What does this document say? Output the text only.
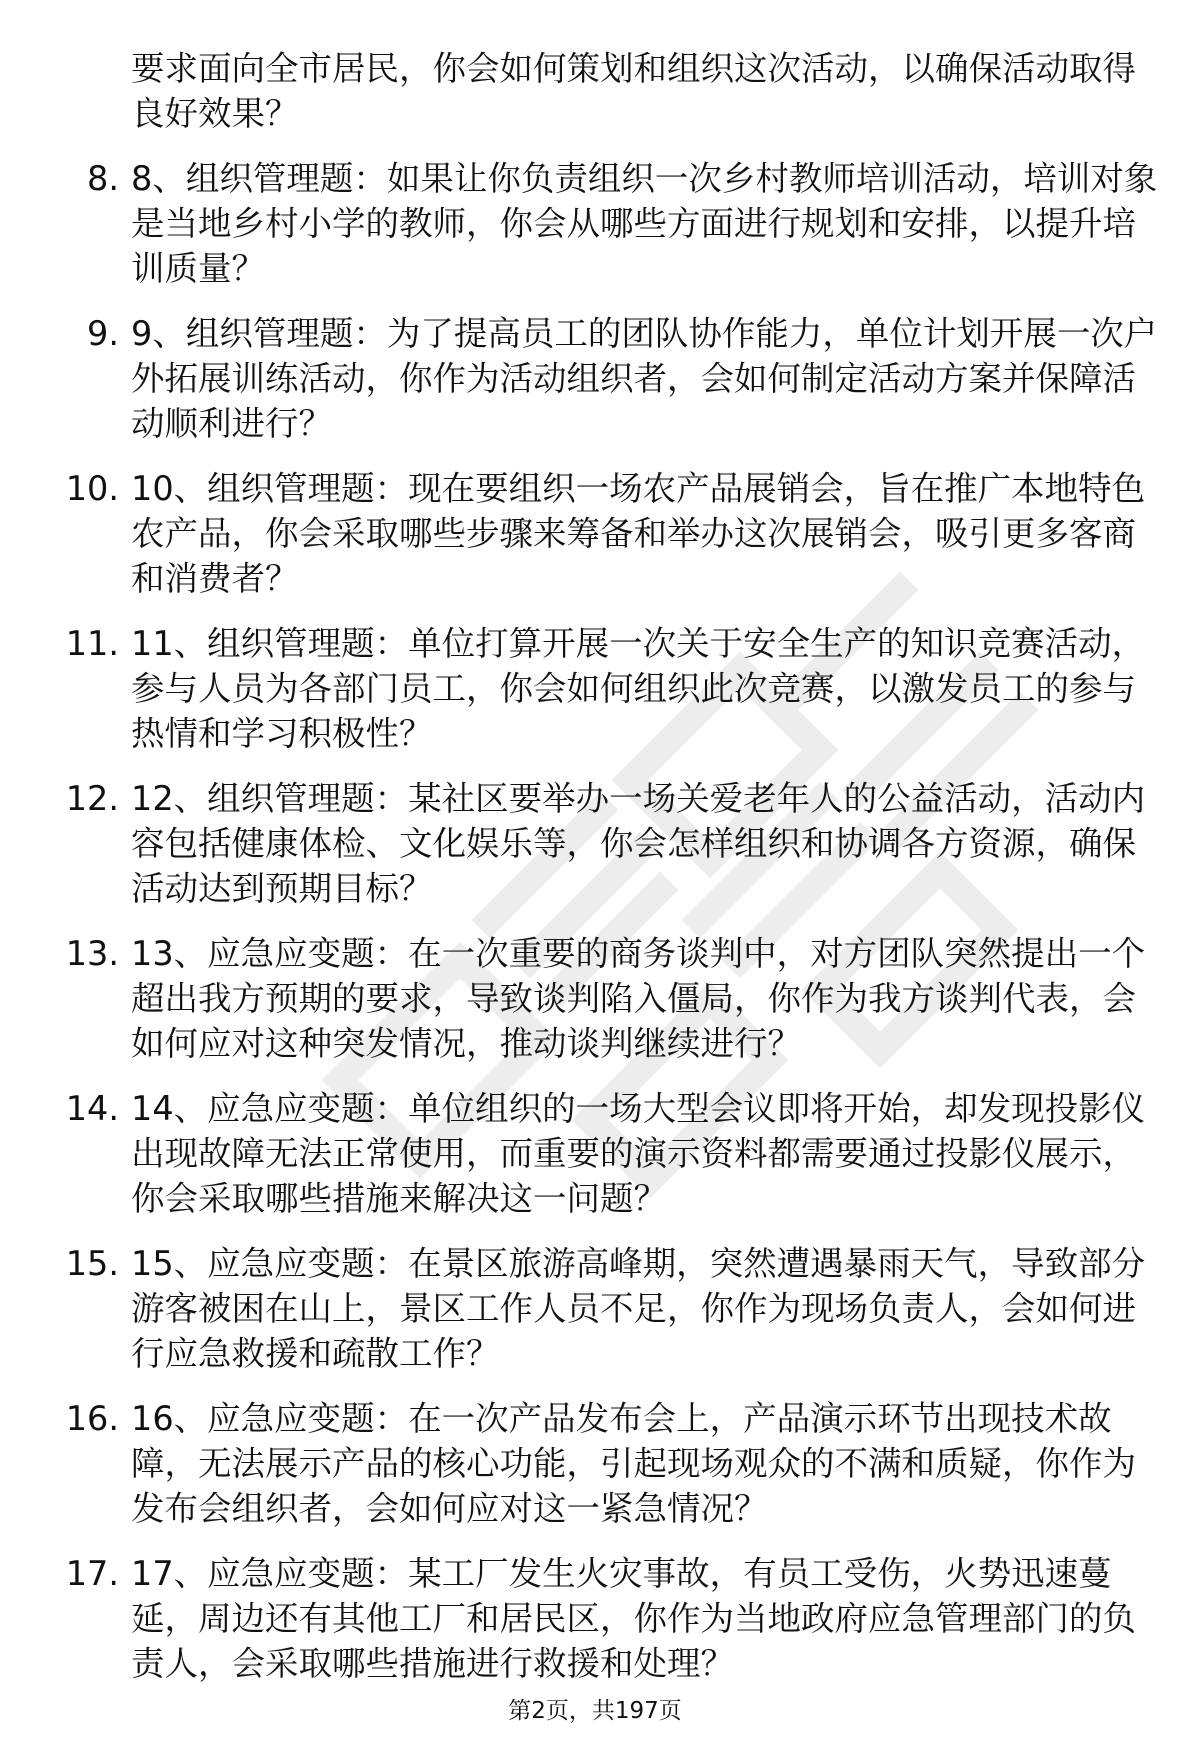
要求面向全市居民，你会如何策划和组织这次活动，以确保活动取得良好效果？

8. 8、组织管理题：如果让你负责组织一次乡村教师培训活动，培训对象是当地乡村小学的教师，你会从哪些方面进行规划和安排，以提升培训质量？
9. 9、组织管理题：为了提高员工的团队协作能力，单位计划开展一次户外拓展训练活动，你作为活动组织者，会如何制定活动方案并保障活动顺利进行？
10. 10、组织管理题：现在要组织一场农产品展销会，旨在推广本地特色农产品，你会采取哪些步骤来筹备和举办这次展销会，吸引更多客商和消费者？
11. 11、组织管理题：单位打算开展一次关于安全生产的知识竞赛活动，参与人员为各部门员工，你会如何组织此次竞赛，以激发员工的参与热情和学习积极性？
12. 12、组织管理题：某社区要举办一场关爱老年人的公益活动，活动内容包括健康体检、文化娱乐等，你会怎样组织和协调各方资源，确保活动达到预期目标？
13. 13、应急应变题：在一次重要的商务谈判中，对方团队突然提出一个超出我方预期的要求，导致谈判陷入僵局，你作为我方谈判代表，会如何应对这种突发情况，推动谈判继续进行？
14. 14、应急应变题：单位组织的一场大型会议即将开始，却发现投影仪出现故障无法正常使用，而重要的演示资料都需要通过投影仪展示，你会采取哪些措施来解决这一问题？
15. 15、应急应变题：在景区旅游高峰期，突然遭遇暴雨天气，导致部分游客被困在山上，景区工作人员不足，你作为现场负责人，会如何进行应急救援和疏散工作？
16. 16、应急应变题：在一次产品发布会上，产品演示环节出现技术故障，无法展示产品的核心功能，引起现场观众的不满和质疑，你作为发布会组织者，会如何应对这一紧急情况？
17. 17、应急应变题：某工厂发生火灾事故，有员工受伤，火势迅速蔓延，周边还有其他工厂和居民区，你作为当地政府应急管理部门的负责人，会采取哪些措施进行救援和处理？
第2页，共197页
